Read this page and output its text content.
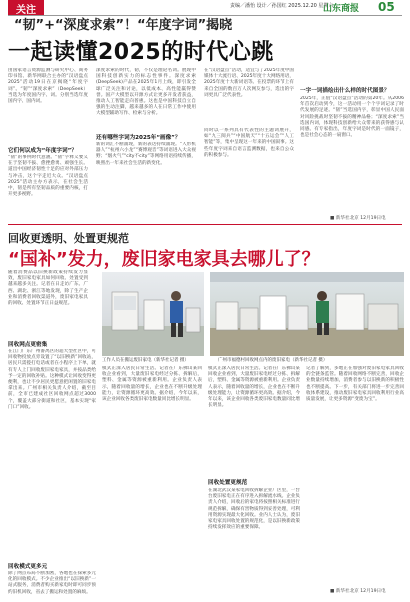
关注	责编／潘怡 设计／孙国红 2025.12.20 星期六
山东商报 05
“韧”+“深度求索”！“年度字词”揭晓
一起读懂2025的时代心跳

由国家语言资源监测与研究中心、商务印书馆、新华网联合主办的“汉语盘点2025”活动19日在京揭晓“年度字词”。“韧”“深度求索”（DeepSeek）当选为年度国内字、词。分别当选年度国内字、国内词。

它们何以成为“年度字词”？

“韧”的事例时代意涵。“韧”字释义要义在于坚韧不拔、愈挫愈勇、顽强生长。道出中国经济韧性十足的应对外部压力与冲击，这个字走近大众。“汉语盘点2025”活动主办方表示，在社会生活中，韧是所有坚韧品质的重要内核，打开更多视野。

深度求索的时代，韧，不仅是理论名词。展现中国科技创新实力的标志性事件。深度求索(DeepSeek)产品在2025年1月上线，即引发全球广泛关注和讨论，以低成本、高性能赢得赞誉。国产大模型以开源方式让更多开发者获益，推动人工智能走向普惠。这也是中国科技自立自强的生动注脚，越来越多的人在日常工作中使用大模型辅助写作、检索与分析。

还有哪些字词为2025年“画像”？

新的词汇不断涌现，新的表达持续涌现。“人形机器人”“杭州六小龙”“赛博观音”等词语进入大众视野；“烟火气”“city不city”等网络用语持续传播，映照出一年来社会生活的新变化。

在“汉语盘点”活动，适宜与了2025年度中国媒体十大流行语、2025年度十大网络用语，2025年度十大新词语等。在投票的环节上有来自全国的数百万人次网友参与，选出的字词更具广泛代表性。

同时以一系列具有代表性的主题词展开，如“九三阅兵”“中国航天”“十五运会”“人工智能”等，集中呈现这一年来的中国叙事。这些年度字词来自语言监测数据，也来自公众的积极参与。

一字一词描绘出什么样的时代图景？

2025年，正值“汉语盘点”活动的第20年。从2006年首次启动到今，这一活动用一个个字词记录了时代发展的足迹。“韧”当选国内字，彰显中国人民面对风险挑战时坚韧不拔的精神品格；“深度求索”当选国内词，体现科技创新给大众带来的获得感与认同感。有专家指出，年度字词是时代的一面镜子，也是社会心态的一扇窗口。

■ 新华社北京 12月19日电
回收更透明、处置更规范
“国补”发力，废旧家电家具去哪儿了？

随着消费品以旧换新政策持续发力显效，废旧家电家具如何回收、处置受到越来越多关注。记者在日走访广东、广西、湖北、浙江等地发现，除了生产企业和消费者回收渠道外，废旧家电家具的回收、处置环节正日益规范。

回收网点更密集

在江门广东广州番禺区的超大型社区中，可回收物投放点旁设置了“以旧换新”回收站，居民只需拨打电话或者在小程序上下单，就有专人上门回收废旧家电家具，并按品类给予一定的回收补贴。这种模式让回收变得更便利，也让不少居民更愿意把闲置的旧家电拿出来。广州市相关负责人介绍，截至目前，全市已建成社区回收网点超过3000个，覆盖大部分街道和社区，基本实现“家门口”回收。

回收模式更多元

除了网点布局不断加密，各地也在探索多元化的回收模式。不少企业推出“以旧换新”一站式服务，消费者购买新家电时即可同步预约旧机回收，省去了搬运和处置的麻烦。

工作人员在搬运废旧家电（新华社记者 摄）	广州市福德村回收网点内的废旧家电（新华社记者 摄）

模式正深入居民日常生活。记者在广东佛山某回收企业看到，大量废旧家电经过分拣、拆解后，塑料、金属等资源被重新利用。企业负责人表示，随着回收量的增长，企业也在不断升级处理能力，让资源循环更高效。据介绍，今年以来，该企业回收各类废旧家电数量同比增长明显。

模式正深入居民日常生活。记者在广东佛山某回收企业看到，大量废旧家电经过分拣、拆解后，塑料、金属等资源被重新利用。企业负责人表示，随着回收量的增长，企业也在不断升级处理能力，让资源循环更高效。据介绍，今年以来，该企业回收各类废旧家电数量同比增长明显。

回收处置更规范

在湖北武汉某家电回收拆解企业厂区里，一台台废旧家电正在有序进入拆解流水线。企业负责人介绍，回收后的家电将按照相关标准进行规范拆解，确保有害物质得到妥善处理，可利用资源实现最大化回收。业内人士认为，废旧家电家具回收处置的规范化，是以旧换新政策持续发挥效应的重要保障。

记者了解到，多地正在加强对废旧家电家具回收的全链条监管。随着回收网络不断完善，回收企业数量持续增加，消费者参与以旧换新的积极性也不断提高。下一步，有关部门将进一步完善回收体系建设，推动废旧家电家具回收利用行业高质量发展，让更多资源“变废为宝”。

■ 新华社北京 12月19日电
